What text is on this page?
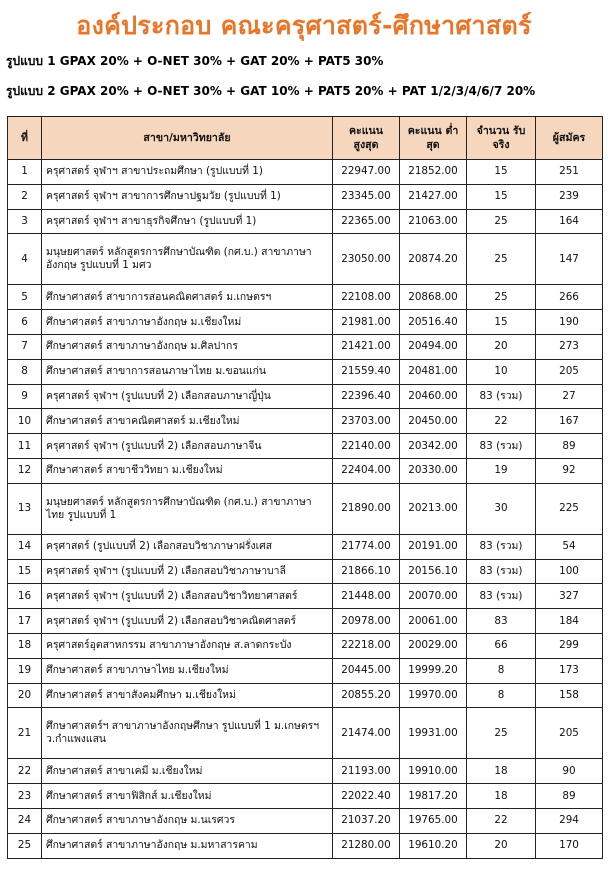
องค์ประกอบ คณะครุศาสตร์-ศึกษาศาสตร์
รูปแบบ 1 GPAX 20% + O-NET 30% + GAT 20% + PAT5 30%
รูปแบบ 2 GPAX 20% + O-NET 30% + GAT 10% + PAT5 20% + PAT 1/2/3/4/6/7 20%
ที่	สาขา/มหาวิทยาลัย	คะแนน สูงสุด	คะแนน ต่ำสุด	จำนวน รับจริง	ผู้สมัคร
1	ครุศาสตร์ จุฬาฯ สาขาประถมศึกษา (รูปแบบที่ 1)	22947.00	21852.00	15	251
2	ครุศาสตร์ จุฬาฯ สาขาการศึกษาปฐมวัย (รูปแบบที่ 1)	23345.00	21427.00	15	239
3	ครุศาสตร์ จุฬาฯ สาขาธุรกิจศึกษา (รูปแบบที่ 1)	22365.00	21063.00	25	164
4	มนุษยศาสตร์ หลักสูตรการศึกษาบัณฑิต (กศ.บ.) สาขาภาษาอังกฤษ รูปแบบที่ 1 มศว	23050.00	20874.20	25	147
5	ศึกษาศาสตร์ สาขาการสอนคณิตศาสตร์ ม.เกษตรฯ	22108.00	20868.00	25	266
6	ศึกษาศาสตร์ สาขาภาษาอังกฤษ ม.เชียงใหม่	21981.00	20516.40	15	190
7	ศึกษาศาสตร์ สาขาภาษาอังกฤษ ม.ศิลปากร	21421.00	20494.00	20	273
8	ศึกษาศาสตร์ สาขาการสอนภาษาไทย ม.ขอนแก่น	21559.40	20481.00	10	205
9	ครุศาสตร์ จุฬาฯ (รูปแบบที่ 2) เลือกสอบภาษาญี่ปุ่น	22396.40	20460.00	83 (รวม)	27
10	ศึกษาศาสตร์ สาขาคณิตศาสตร์ ม.เชียงใหม่	23703.00	20450.00	22	167
11	ครุศาสตร์ จุฬาฯ (รูปแบบที่ 2) เลือกสอบภาษาจีน	22140.00	20342.00	83 (รวม)	89
12	ศึกษาศาสตร์ สาขาชีววิทยา ม.เชียงใหม่	22404.00	20330.00	19	92
13	มนุษยศาสตร์ หลักสูตรการศึกษาบัณฑิต (กศ.บ.) สาขาภาษาไทย รูปแบบที่ 1	21890.00	20213.00	30	225
14	ครุศาสตร์ (รูปแบบที่ 2) เลือกสอบวิชาภาษาฝรั่งเศส	21774.00	20191.00	83 (รวม)	54
15	ครุศาสตร์ จุฬาฯ (รูปแบบที่ 2) เลือกสอบวิชาภาษาบาลี	21866.10	20156.10	83 (รวม)	100
16	ครุศาสตร์ จุฬาฯ (รูปแบบที่ 2) เลือกสอบวิชาวิทยาศาสตร์	21448.00	20070.00	83 (รวม)	327
17	ครุศาสตร์ จุฬาฯ (รูปแบบที่ 2) เลือกสอบวิชาคณิตศาสตร์	20978.00	20061.00	83	184
18	ครุศาสตร์อุตสาหกรรม สาขาภาษาอังกฤษ ส.ลาดกระบัง	22218.00	20029.00	66	299
19	ศึกษาศาสตร์ สาขาภาษาไทย ม.เชียงใหม่	20445.00	19999.20	8	173
20	ศึกษาศาสตร์ สาขาสังคมศึกษา ม.เชียงใหม่	20855.20	19970.00	8	158
21	ศึกษาศาสตร์ฯ สาขาภาษาอังกฤษศึกษา รูปแบบที่ 1 ม.เกษตรฯ ว.กำแพงแสน	21474.00	19931.00	25	205
22	ศึกษาศาสตร์ สาขาเคมี ม.เชียงใหม่	21193.00	19910.00	18	90
23	ศึกษาศาสตร์ สาขาฟิสิกส์ ม.เชียงใหม่	22022.40	19817.20	18	89
24	ศึกษาศาสตร์ สาขาภาษาอังกฤษ ม.นเรศวร	21037.20	19765.00	22	294
25	ศึกษาศาสตร์ สาขาภาษาอังกฤษ ม.มหาสารคาม	21280.00	19610.20	20	170
